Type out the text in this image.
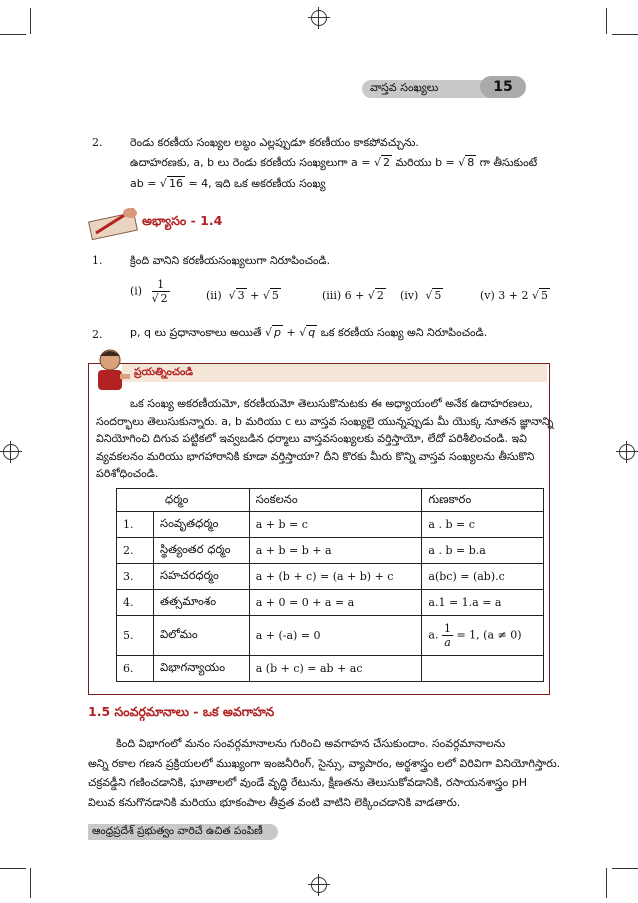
వాస్తవ సంఖ్యలు	15
2.	రెండు కరణీయ సంఖ్యల లబ్ధం ఎల్లప్పుడూ కరణీయం కాకపోవచ్చును.
ఉదాహరణకు, a, b లు రెండు కరణీయ సంఖ్యలుగా a = √ 2 మరియు b = √ 8 గా తీసుకుంటే
ab = √ 16 = 4, ఇది ఒక అకరణీయ సంఖ్య
అభ్యాసం - 1.4
1.	క్రింది వానిని కరణీయసంఖ్యలుగా నిరూపించండి.
$(i) \frac{1}{√ 2}$	(ii)  √ 3 + √ 5	(iii) 6 + √ 2 (iv)  √ 5	(v) 3 + 2 √ 5
2.	p, q లు ప్రధానాంకాలు అయితే √ p + √ q ఒక కరణీయ సంఖ్య అని నిరూపించండి.
ప్రయత్నించండి
ఒక సంఖ్య అకరణీయమో, కరణీయమో తెలుసుకొనుటకు ఈ అధ్యాయంలో అనేక ఉదాహరణలు,
సందర్భాలు తెలుసుకున్నారు. a, b మరియు c లు వాస్తవ సంఖ్యలై యున్నప్పుడు మీ యొక్క నూతన జ్ఞానాన్ని
వినియోగించి దిగువ పట్టికలో ఇవ్వబడిన ధర్మాలు వాస్తవసంఖ్యలకు వర్తిస్తాయో, లేదో పరిశీలించండి. ఇవి
వ్యవకలనం మరియు భాగహారానికి కూడా వర్తిస్తాయా? దీని కొరకు మీరు కొన్ని వాస్తవ సంఖ్యలను తీసుకొని
పరిశోధించండి.
ధర్మం		సంకలనం	గుణకారం
1.	సంవృతధర్మం	a + b = c	a . b = c
2.	స్థిత్యంతర ధర్మం	a + b = b + a	a . b = b.a
3.	సహచరధర్మం	a + (b + c) = (a + b) + c	a(bc) = (ab).c
4.	తత్సమాంశం	a + 0 = 0 + a = a	a.1 = 1.a = a
5.	విలోమం	a + (-a) = 0	a. $\frac{1}{a} = 1$, (a ≠ 0)
6.	విభాగన్యాయం	a (b + c) = ab + ac	
1.5 సంవర్గమానాలు - ఒక అవగాహన
కింది విభాగంలో మనం సంవర్గమానాలను గురించి అవగాహన చేసుకుందాం. సంవర్గమానాలను
అన్ని రకాల గణన ప్రక్రియలలో ముఖ్యంగా ఇంజనీరింగ్, సైన్సు, వ్యాపారం, అర్థశాస్త్రం లలో విరివిగా వినియోగిస్తారు.
చక్రవడ్డీని గణించడానికి, ఘాతాలలో వుండే వృద్ధి రేటును, క్షీణతను తెలుసుకోవడానికి, రసాయనశాస్త్రం pH
విలువ కనుగొనడానికి మరియు భూకంపాల తీవ్రత వంటి వాటిని లెక్కించడానికి వాడతారు.
ఆంధ్రప్రదేశ్ ప్రభుత్వం వారిచే ఉచిత పంపిణీ
